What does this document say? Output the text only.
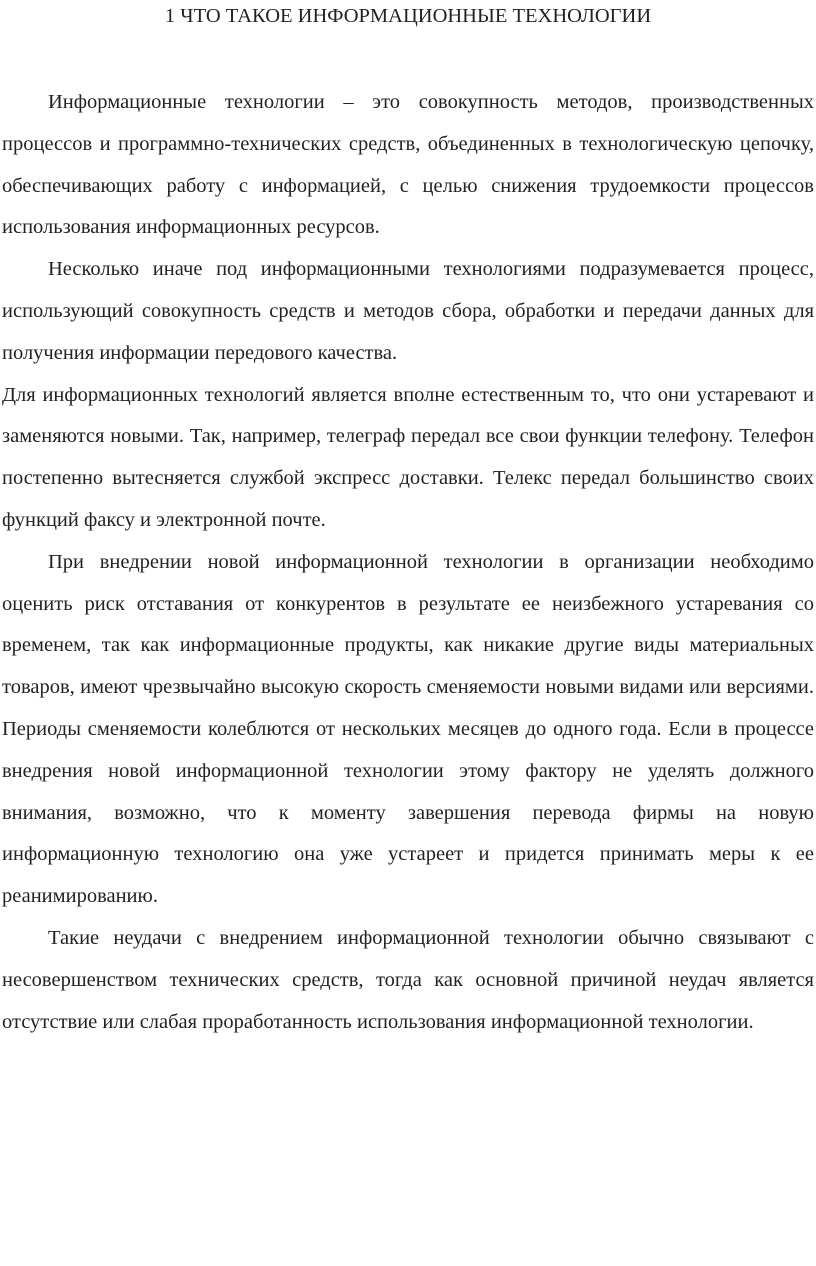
1 ЧТО ТАКОЕ ИНФОРМАЦИОННЫЕ ТЕХНОЛОГИИ

Информационные технологии – это совокупность методов, производственных процессов и программно-технических средств, объединенных в технологическую цепочку, обеспечивающих работу с информацией, с целью снижения трудоемкости процессов использования информационных ресурсов.

Несколько иначе под информационными технологиями подразумевается процесс, использующий совокупность средств и методов сбора, обработки и передачи данных для получения информации передового качества.

Для информационных технологий является вполне естественным то, что они устаревают и заменяются новыми. Так, например, телеграф передал все свои функции телефону. Телефон постепенно вытесняется службой экспресс доставки. Телекс передал большинство своих функций факсу и электронной почте.

При внедрении новой информационной технологии в организации необходимо оценить риск отставания от конкурентов в результате ее неизбежного устаревания со временем, так как информационные продукты, как никакие другие виды материальных товаров, имеют чрезвычайно высокую скорость сменяемости новыми видами или версиями. Периоды сменяемости колеблются от нескольких месяцев до одного года. Если в процессе внедрения новой информационной технологии этому фактору не уделять должного внимания, возможно, что к моменту завершения перевода фирмы на новую информационную технологию она уже устареет и придется принимать меры к ее реанимированию.

Такие неудачи с внедрением информационной технологии обычно связывают с несовершенством технических средств, тогда как основной причиной неудач является отсутствие или слабая проработанность использования информационной технологии.
